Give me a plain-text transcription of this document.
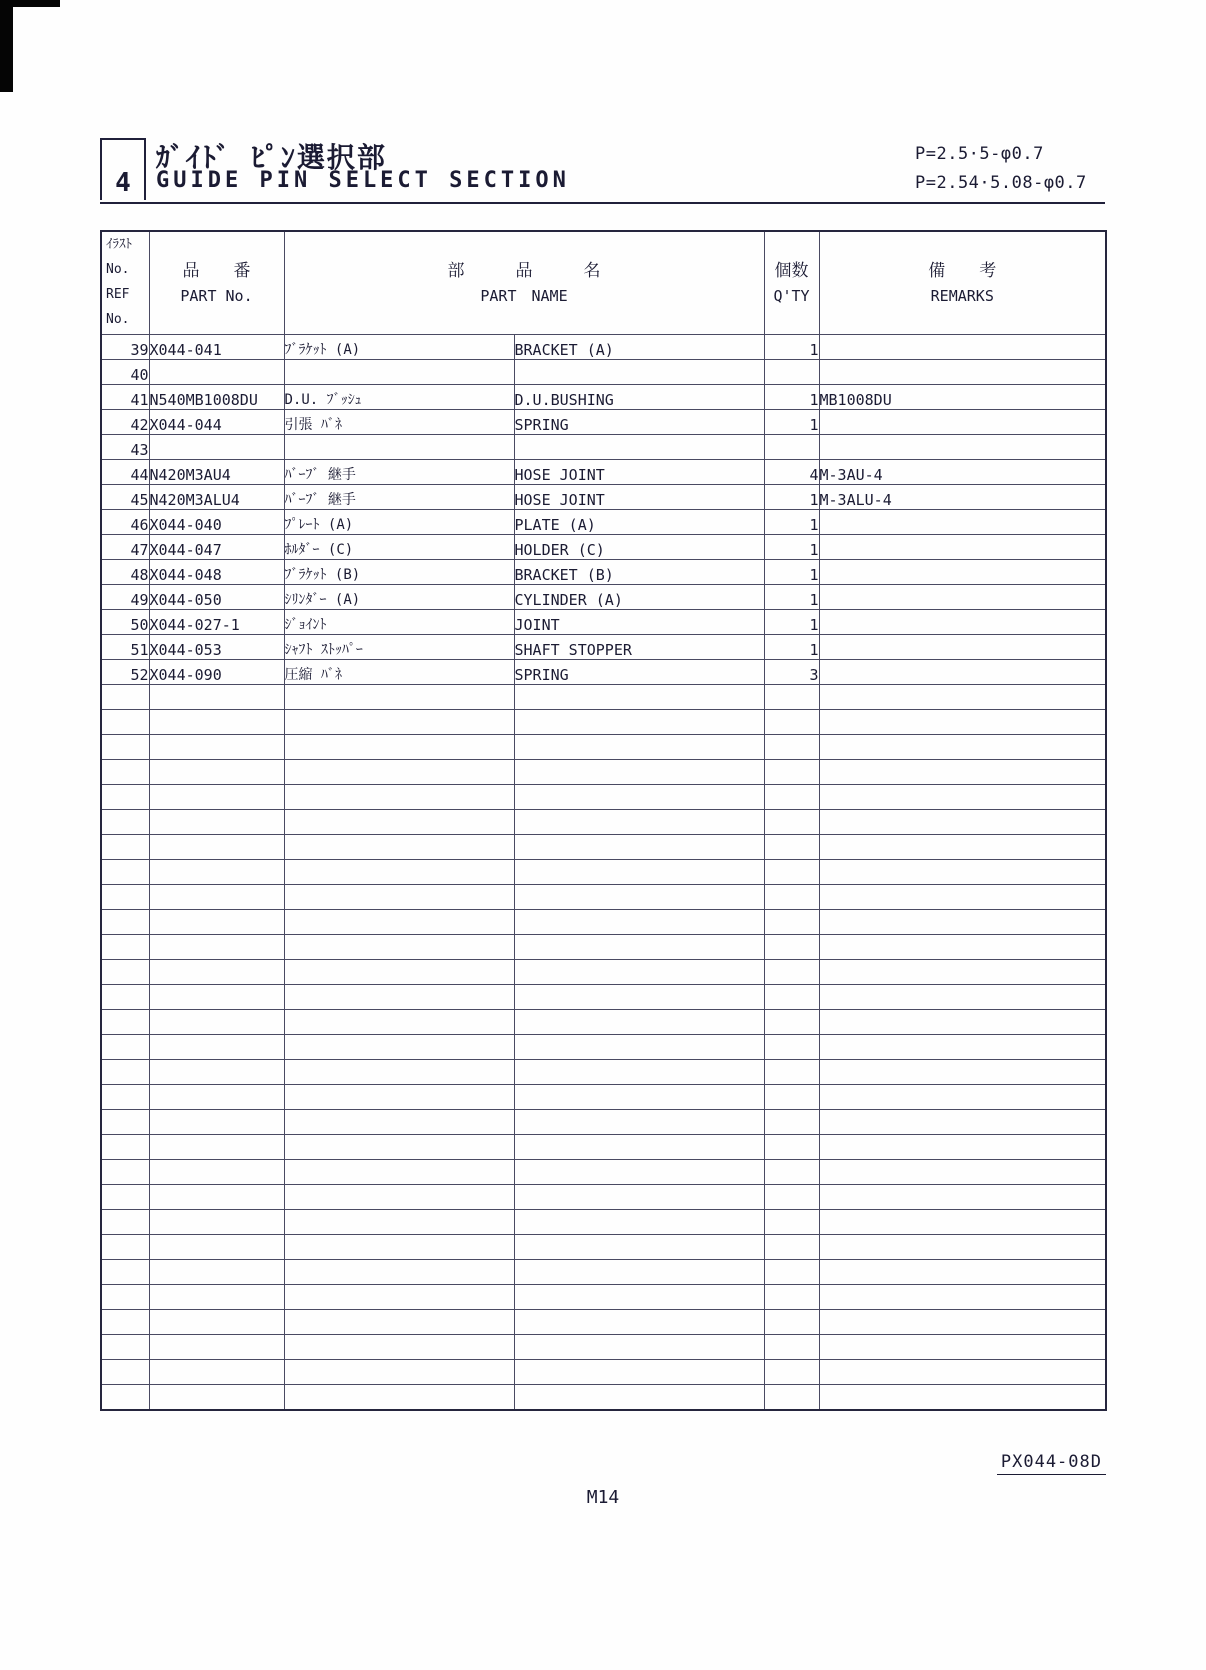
4
ｶﾞｲﾄﾞ ﾋﾟﾝ選択部
GUIDE PIN SELECT SECTION
P=2.5·5-φ0.7
P=2.54·5.08-φ0.7
ｲﾗｽﾄ
No.
REF
No.

品　　番
PART No.

部　　　品　　　名
PART　NAME

個数
Q'TY

備　　考
REMARKS

39	X044-041	ﾌﾞﾗｹｯﾄ (A)	BRACKET (A)	1	
40					
41	N540MB1008DU	D.U. ﾌﾞｯｼｭ	D.U.BUSHING	1	MB1008DU
42	X044-044	引張 ﾊﾞﾈ	SPRING	1	
43					
44	N420M3AU4	ﾊﾞｰﾌﾞ 継手	HOSE JOINT	4	M-3AU-4
45	N420M3ALU4	ﾊﾞｰﾌﾞ 継手	HOSE JOINT	1	M-3ALU-4
46	X044-040	ﾌﾟﾚｰﾄ (A)	PLATE (A)	1	
47	X044-047	ﾎﾙﾀﾞｰ (C)	HOLDER (C)	1	
48	X044-048	ﾌﾞﾗｹｯﾄ (B)	BRACKET (B)	1	
49	X044-050	ｼﾘﾝﾀﾞｰ (A)	CYLINDER (A)	1	
50	X044-027-1	ｼﾞｮｲﾝﾄ	JOINT	1	
51	X044-053	ｼｬﾌﾄ ｽﾄｯﾊﾟｰ	SHAFT STOPPER	1	
52	X044-090	圧縮 ﾊﾞﾈ	SPRING	3	

PX044-08D
M14
